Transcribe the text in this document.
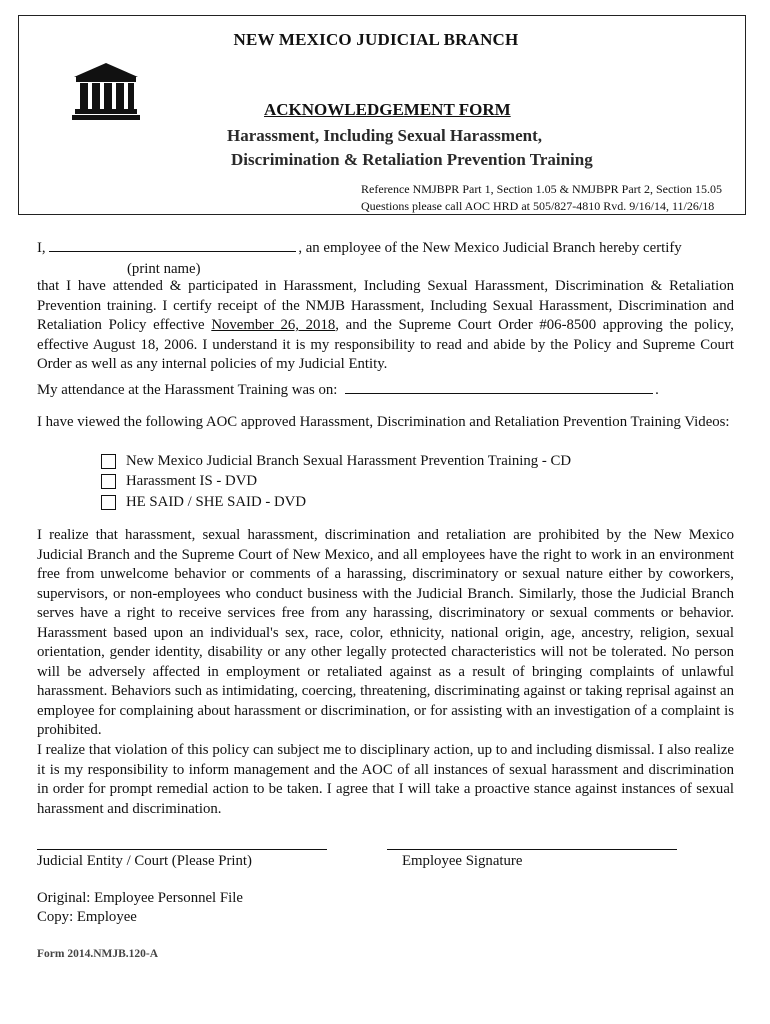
NEW MEXICO JUDICIAL BRANCH
ACKNOWLEDGEMENT FORM
Harassment, Including Sexual Harassment,
Discrimination & Retaliation Prevention Training
Reference NMJBPR Part 1, Section 1.05 & NMJBPR Part 2, Section 15.05
Questions please call AOC HRD at 505/827-4810 Rvd. 9/16/14, 11/26/18

I,	, an employee of the New Mexico Judicial Branch hereby certify

(print name)

that I have attended & participated in Harassment, Including Sexual Harassment, Discrimination & Retaliation Prevention training. I certify receipt of the NMJB Harassment, Including Sexual Harassment, Discrimination and Retaliation Policy effective November 26, 2018, and the Supreme Court Order #06-8500 approving the policy, effective August 18, 2006. I understand it is my responsibility to read and abide by the Policy and Supreme Court Order as well as any internal policies of my Judicial Entity.

My attendance at the Harassment Training was on:	.

I have viewed the following AOC approved Harassment, Discrimination and Retaliation Prevention Training Videos:

New Mexico Judicial Branch Sexual Harassment Prevention Training - CD
Harassment IS - DVD
HE SAID / SHE SAID - DVD

I realize that harassment, sexual harassment, discrimination and retaliation are prohibited by the New Mexico Judicial Branch and the Supreme Court of New Mexico, and all employees have the right to work in an environment free from unwelcome behavior or comments of a harassing, discriminatory or sexual nature either by coworkers, supervisors, or non-employees who conduct business with the Judicial Branch. Similarly, those the Judicial Branch serves have a right to receive services free from any harassing, discriminatory or sexual comments or behavior. Harassment based upon an individual's sex, race, color, ethnicity, national origin, age, ancestry, religion, sexual orientation, gender identity, disability or any other legally protected characteristics will not be tolerated. No person will be adversely affected in employment or retaliated against as a result of bringing complaints of unlawful harassment. Behaviors such as intimidating, coercing, threatening, discriminating against or taking reprisal against an employee for complaining about harassment or discrimination, or for assisting with an investigation of a complaint is prohibited.

I realize that violation of this policy can subject me to disciplinary action, up to and including dismissal. I also realize it is my responsibility to inform management and the AOC of all instances of sexual harassment and discrimination in order for prompt remedial action to be taken. I agree that I will take a proactive stance against instances of sexual harassment and discrimination.

Judicial Entity / Court (Please Print)	Employee Signature
Original: Employee Personnel File
Copy: Employee
Form 2014.NMJB.120-A
